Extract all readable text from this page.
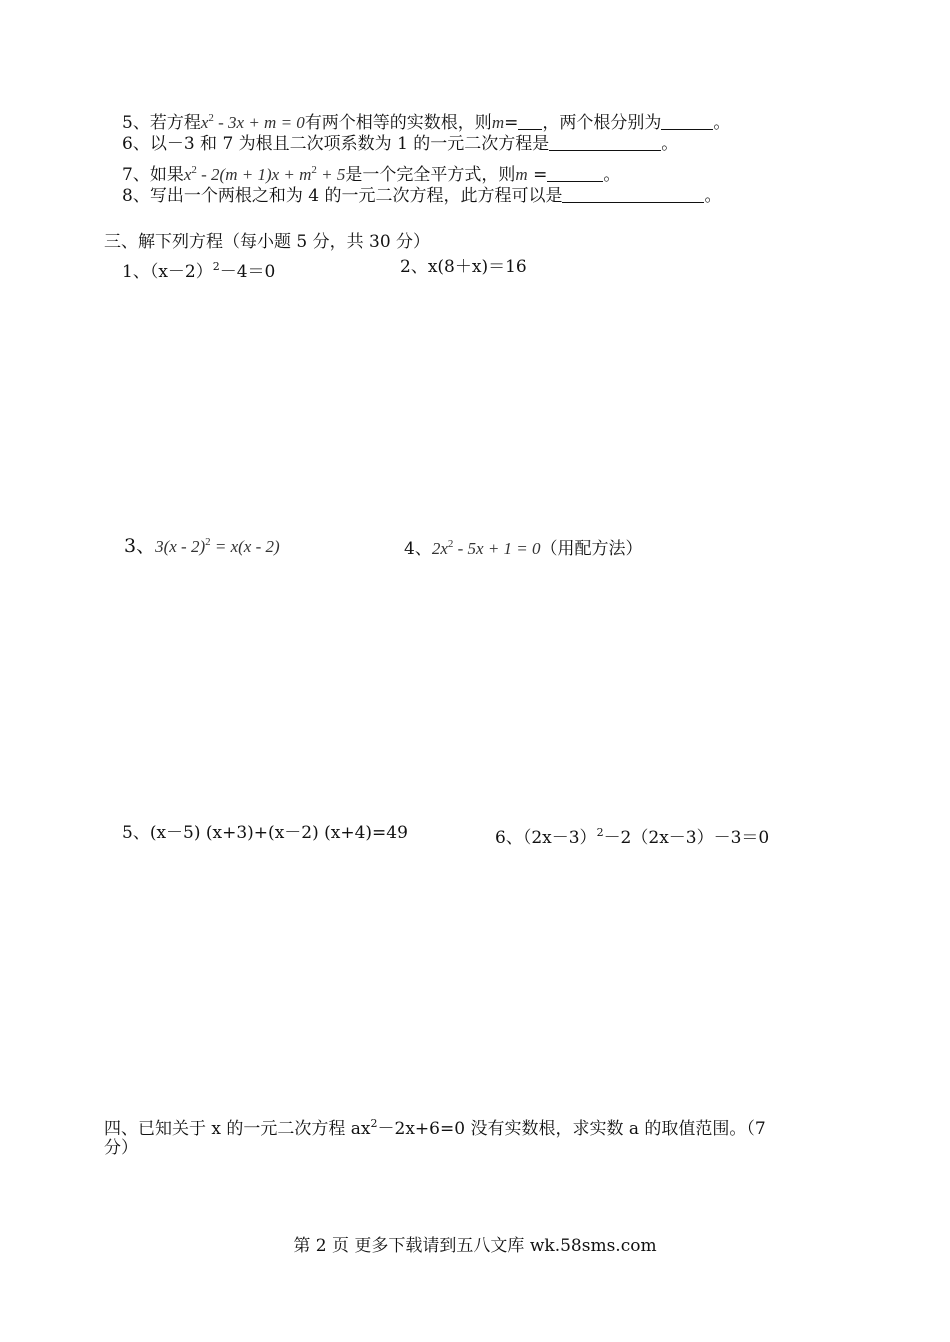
5、若方程$x^2 - 3x + m = 0$有两个相等的实数根，则m= ，两个根分别为	。
6、以－3 和 7 为根且二次项系数为 1 的一元二次方程是	。
7、如果$x^2 - 2(m + 1)x + m^2 + 5$是一个完全平方式，则m =	。
8、写出一个两根之和为 4 的一元二次方程，此方程可以是	。
三、解下列方程（每小题 5 分，共 30 分）
1、$(x-2)^2-4=0$	2、x(8＋x)＝16
3、3(x - 2)$^2$ = x(x - 2)	4、$2x^2 - 5x + 1 = 0$（用配方法）
5、(x－5) (x+3)+(x－2) (x+4)=49	6、$(2x-3)^2-2(2x-3)-3=0$
四、已知关于 x 的一元二次方程 $ax^2-2x+6=0$ 没有实数根，求实数 a 的取值范围。（7
分）
第 2 页 更多下载请到五八文库 wk.58sms.com
